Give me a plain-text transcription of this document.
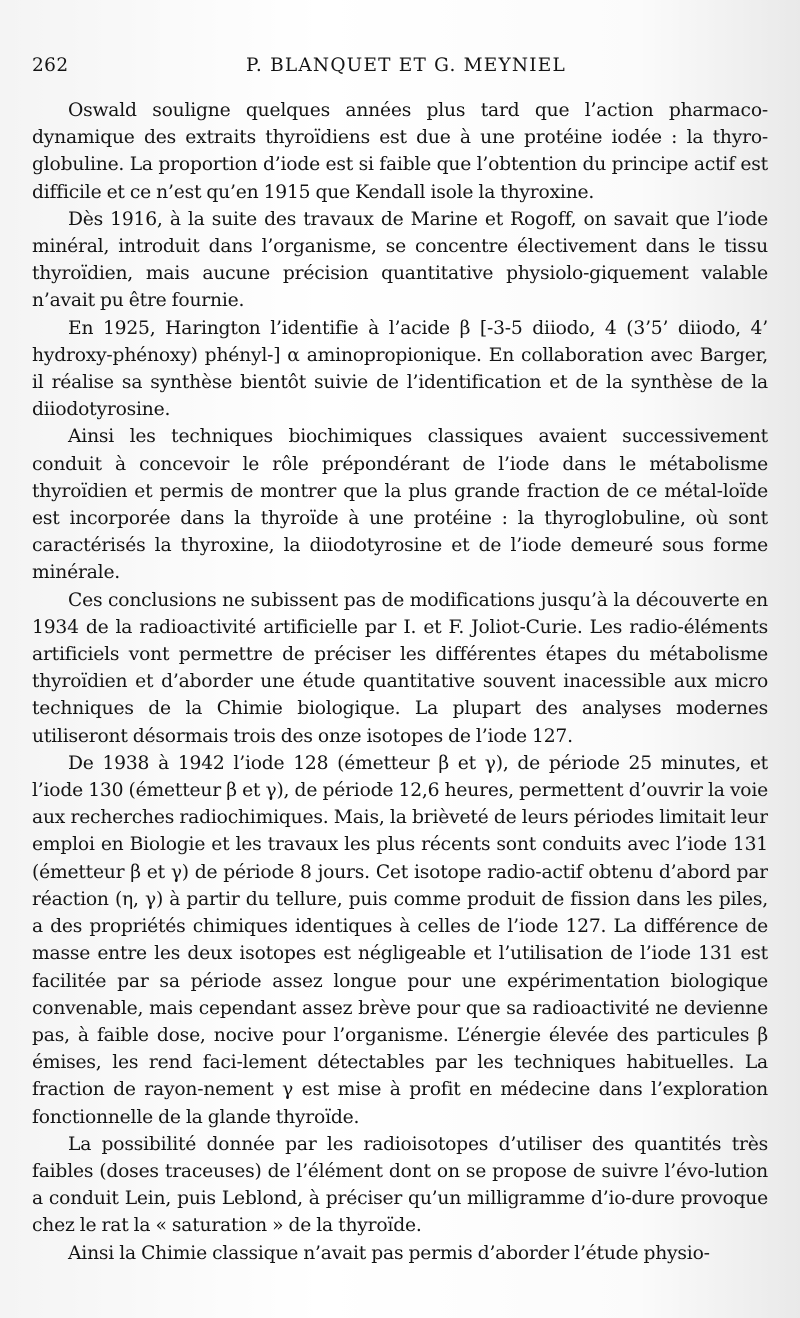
262	P. BLANQUET ET G. MEYNIEL

Oswald souligne quelques années plus tard que l’action pharmaco-dynamique des extraits thyroïdiens est due à une protéine iodée : la thyro-globuline. La proportion d’iode est si faible que l’obtention du principe actif est difficile et ce n’est qu’en 1915 que Kendall isole la thyroxine.

Dès 1916, à la suite des travaux de Marine et Rogoff, on savait que l’iode minéral, introduit dans l’organisme, se concentre électivement dans le tissu thyroïdien, mais aucune précision quantitative physiolo-giquement valable n’avait pu être fournie.

En 1925, Harington l’identifie à l’acide β [-3-5 diiodo, 4 (3’5’ diiodo, 4’ hydroxy-phénoxy) phényl-] α aminopropionique. En collaboration avec Barger, il réalise sa synthèse bientôt suivie de l’identification et de la synthèse de la diiodotyrosine.

Ainsi les techniques biochimiques classiques avaient successivement conduit à concevoir le rôle prépondérant de l’iode dans le métabolisme thyroïdien et permis de montrer que la plus grande fraction de ce métal-loïde est incorporée dans la thyroïde à une protéine : la thyroglobuline, où sont caractérisés la thyroxine, la diiodotyrosine et de l’iode demeuré sous forme minérale.

Ces conclusions ne subissent pas de modifications jusqu’à la découverte en 1934 de la radioactivité artificielle par I. et F. Joliot-Curie. Les radio-éléments artificiels vont permettre de préciser les différentes étapes du métabolisme thyroïdien et d’aborder une étude quantitative souvent inacessible aux micro techniques de la Chimie biologique. La plupart des analyses modernes utiliseront désormais trois des onze isotopes de l’iode 127.

De 1938 à 1942 l’iode 128 (émetteur β et γ), de période 25 minutes, et l’iode 130 (émetteur β et γ), de période 12,6 heures, permettent d’ouvrir la voie aux recherches radiochimiques. Mais, la brièveté de leurs périodes limitait leur emploi en Biologie et les travaux les plus récents sont conduits avec l’iode 131 (émetteur β et γ) de période 8 jours. Cet isotope radio-actif obtenu d’abord par réaction (η, γ) à partir du tellure, puis comme produit de fission dans les piles, a des propriétés chimiques identiques à celles de l’iode 127. La différence de masse entre les deux isotopes est négligeable et l’utilisation de l’iode 131 est facilitée par sa période assez longue pour une expérimentation biologique convenable, mais cependant assez brève pour que sa radioactivité ne devienne pas, à faible dose, nocive pour l’organisme. L’énergie élevée des particules β émises, les rend faci-lement détectables par les techniques habituelles. La fraction de rayon-nement γ est mise à profit en médecine dans l’exploration fonctionnelle de la glande thyroïde.

La possibilité donnée par les radioisotopes d’utiliser des quantités très faibles (doses traceuses) de l’élément dont on se propose de suivre l’évo-lution a conduit Lein, puis Leblond, à préciser qu’un milligramme d’io-dure provoque chez le rat la « saturation » de la thyroïde.

Ainsi la Chimie classique n’avait pas permis d’aborder l’étude physio-
